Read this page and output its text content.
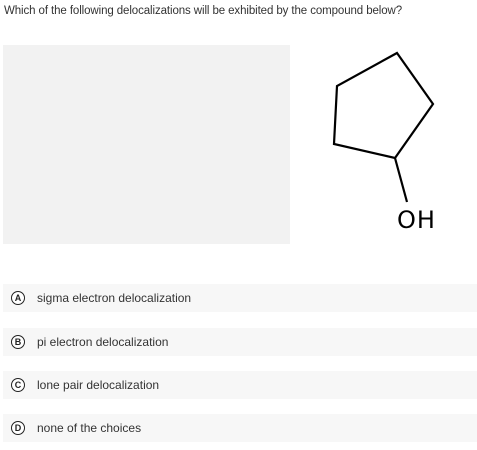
Which of the following delocalizations will be exhibited by the compound below?
OH
A	sigma electron delocalization
B	pi electron delocalization
C	lone pair delocalization
D	none of the choices
